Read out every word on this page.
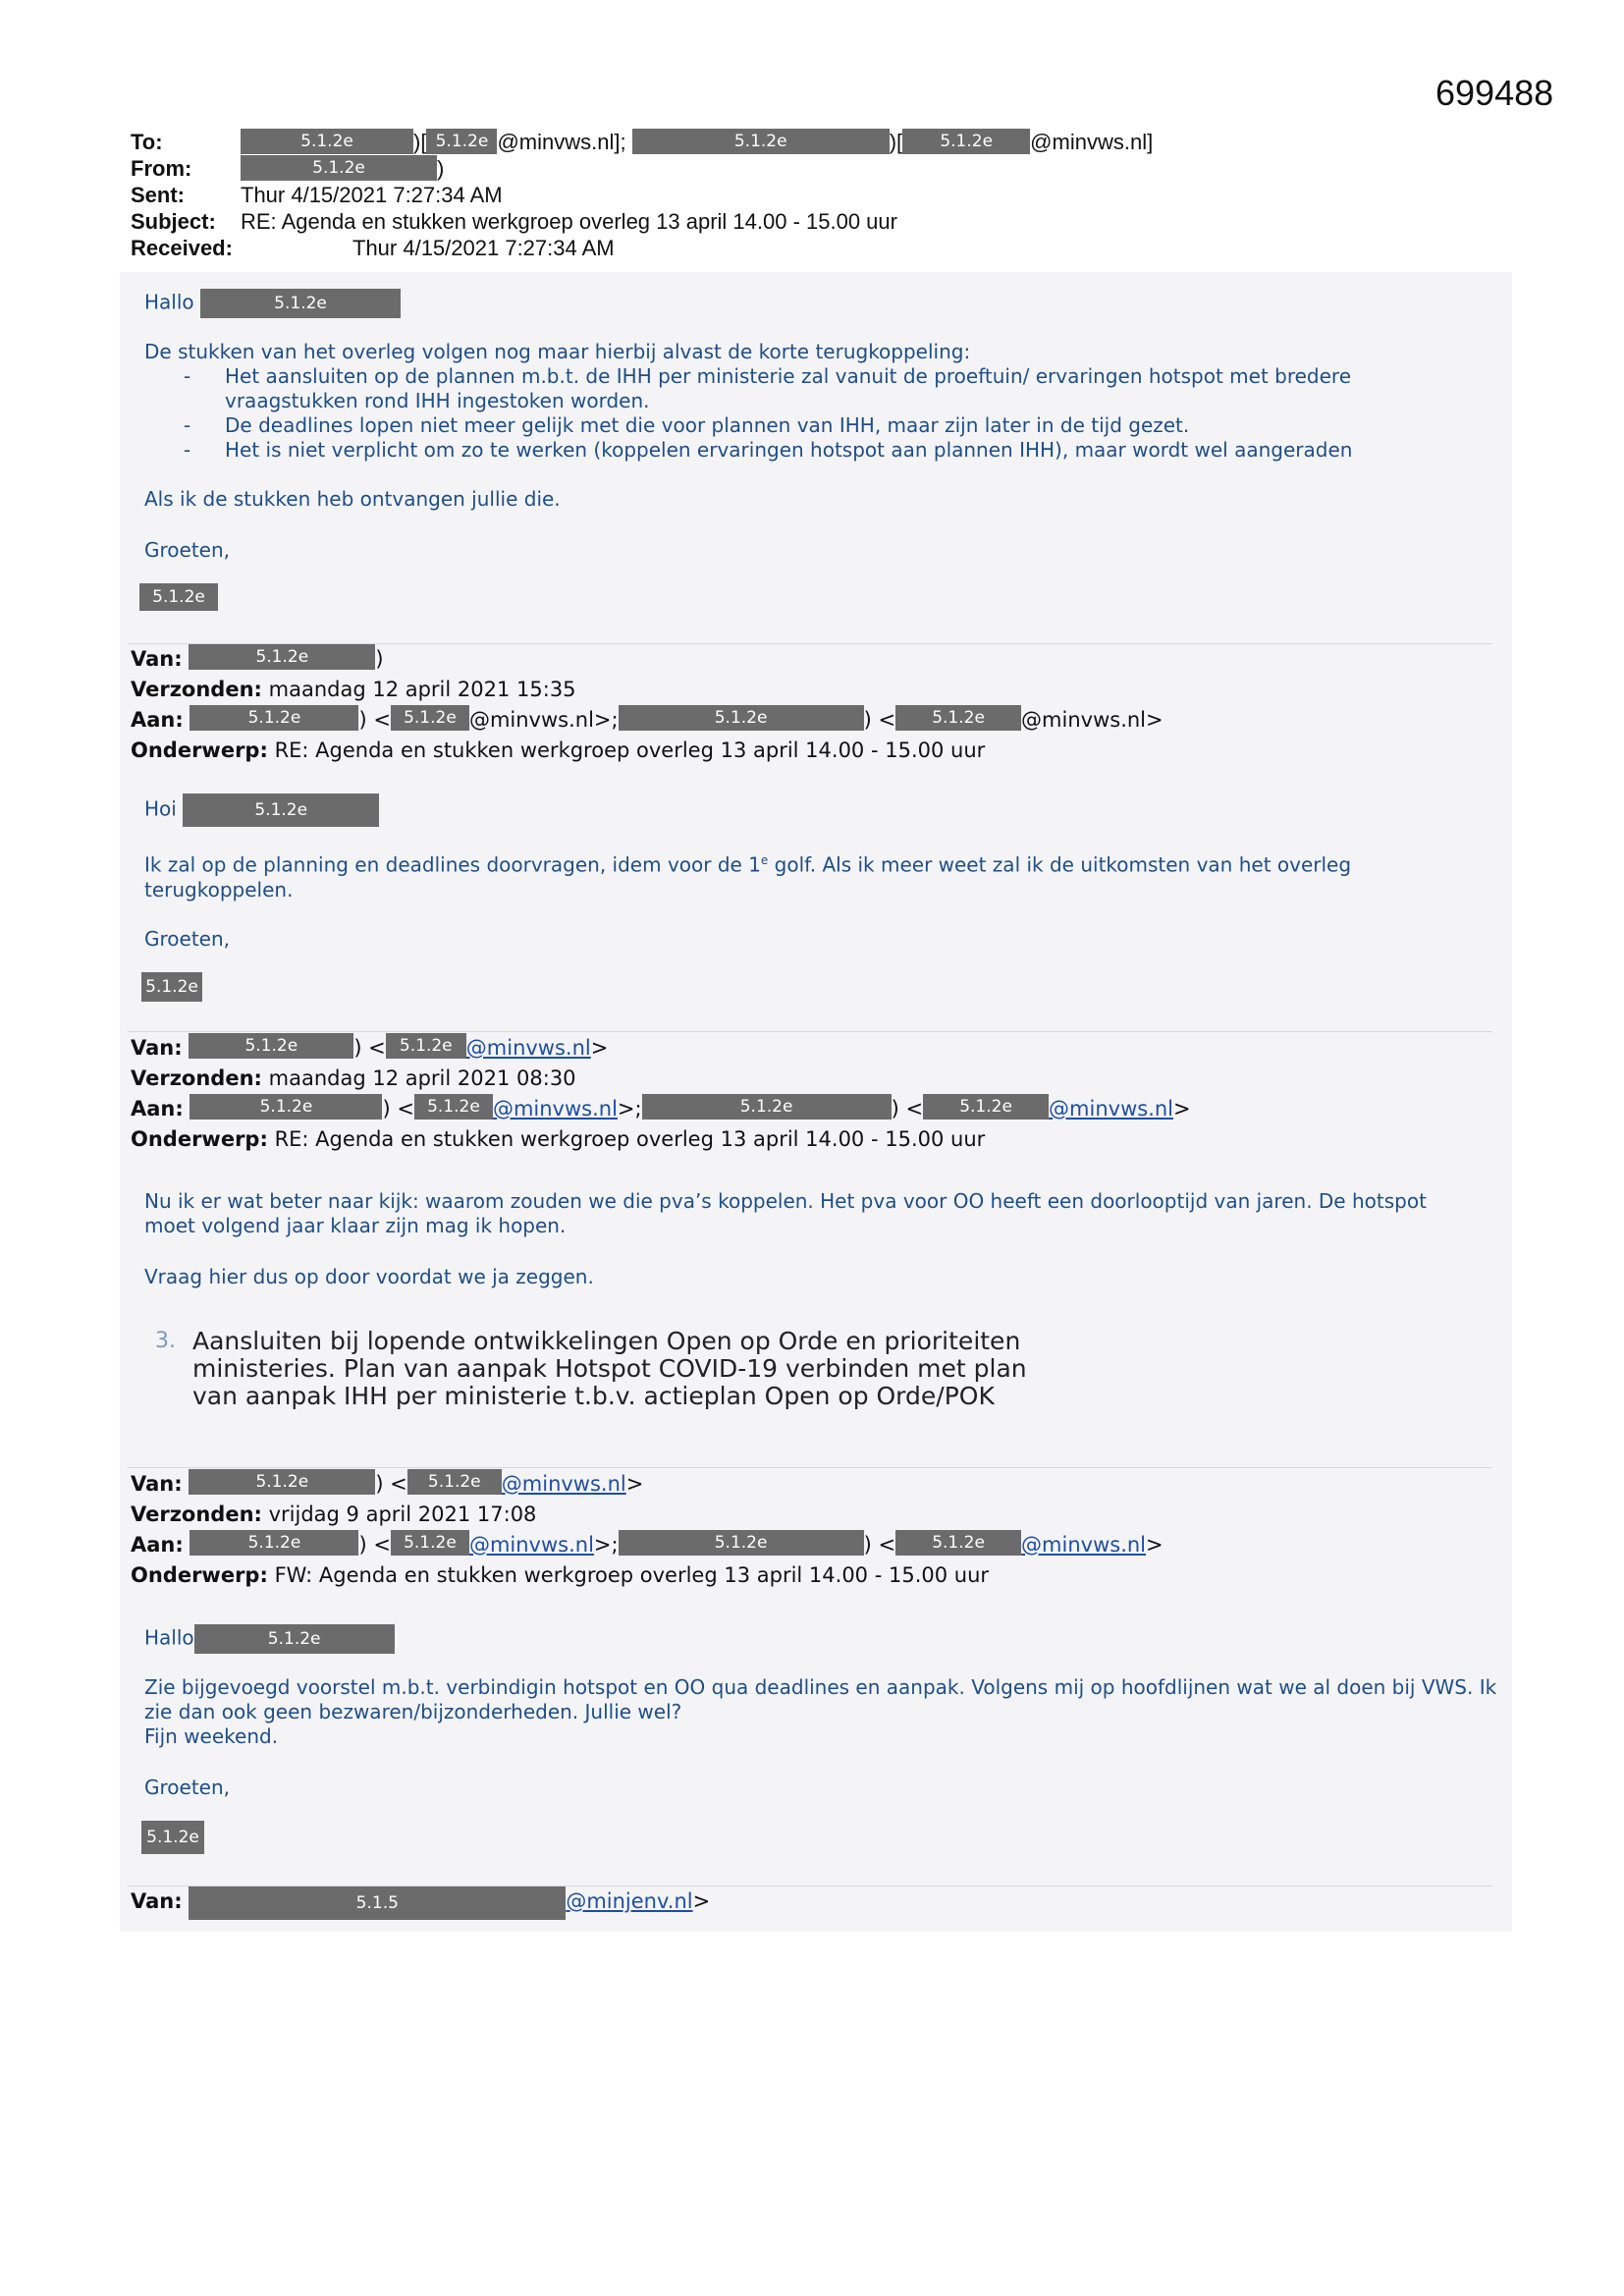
699488
To:	5.1.2e	)[ 5.1.2e @minvws.nl];	5.1.2e	)[ 5.1.2e @minvws.nl]
From:	5.1.2e	)
Sent:	Thur 4/15/2021 7:27:34 AM
Subject: RE: Agenda en stukken werkgroep overleg 13 april 14.00 - 15.00 uur
Received:	Thur 4/15/2021 7:27:34 AM

Hallo	5.1.2e

De stukken van het overleg volgen nog maar hierbij alvast de korte terugkoppeling:

- Het aansluiten op de plannen m.b.t. de IHH per ministerie zal vanuit de proeftuin/ ervaringen hotspot met bredere vraagstukken rond IHH ingestoken worden.
- De deadlines lopen niet meer gelijk met die voor plannen van IHH, maar zijn later in de tijd gezet.
- Het is niet verplicht om zo te werken (koppelen ervaringen hotspot aan plannen IHH), maar wordt wel aangeraden

Als ik de stukken heb ontvangen jullie die.

Groeten,

5.1.2e

Van:	5.1.2e	)
Verzonden: maandag 12 april 2021 15:35
Aan:	5.1.2e	) < 5.1.2e @minvws.nl>;	5.1.2e	) < 5.1.2e @minvws.nl>
Onderwerp: RE: Agenda en stukken werkgroep overleg 13 april 14.00 - 15.00 uur

Hoi	5.1.2e

Ik zal op de planning en deadlines doorvragen, idem voor de 1e golf. Als ik meer weet zal ik de uitkomsten van het overleg terugkoppelen.

Groeten,

5.1.2e

Van:	5.1.2e	) < 5.1.2e @minvws.nl>
Verzonden: maandag 12 april 2021 08:30
Aan:	5.1.2e	) < 5.1.2e @minvws.nl>;	5.1.2e	) < 5.1.2e @minvws.nl>
Onderwerp: RE: Agenda en stukken werkgroep overleg 13 april 14.00 - 15.00 uur

Nu ik er wat beter naar kijk: waarom zouden we die pva’s koppelen. Het pva voor OO heeft een doorlooptijd van jaren. De hotspot moet volgend jaar klaar zijn mag ik hopen.

Vraag hier dus op door voordat we ja zeggen.

3. Aansluiten bij lopende ontwikkelingen Open op Orde en prioriteiten ministeries. Plan van aanpak Hotspot COVID-19 verbinden met plan van aanpak IHH per ministerie t.b.v. actieplan Open op Orde/POK
Van:	5.1.2e	) < 5.1.2e @minvws.nl>
Verzonden: vrijdag 9 april 2021 17:08
Aan:	5.1.2e	) < 5.1.2e @minvws.nl>;	5.1.2e	) < 5.1.2e @minvws.nl>
Onderwerp: FW: Agenda en stukken werkgroep overleg 13 april 14.00 - 15.00 uur

Hallo	5.1.2e

Zie bijgevoegd voorstel m.b.t. verbindigin hotspot en OO qua deadlines en aanpak. Volgens mij op hoofdlijnen wat we al doen bij VWS. Ik zie dan ook geen bezwaren/bijzonderheden. Jullie wel?

Fijn weekend.

Groeten,

5.1.2e

Van:	5.1.5	@minjenv.nl>
